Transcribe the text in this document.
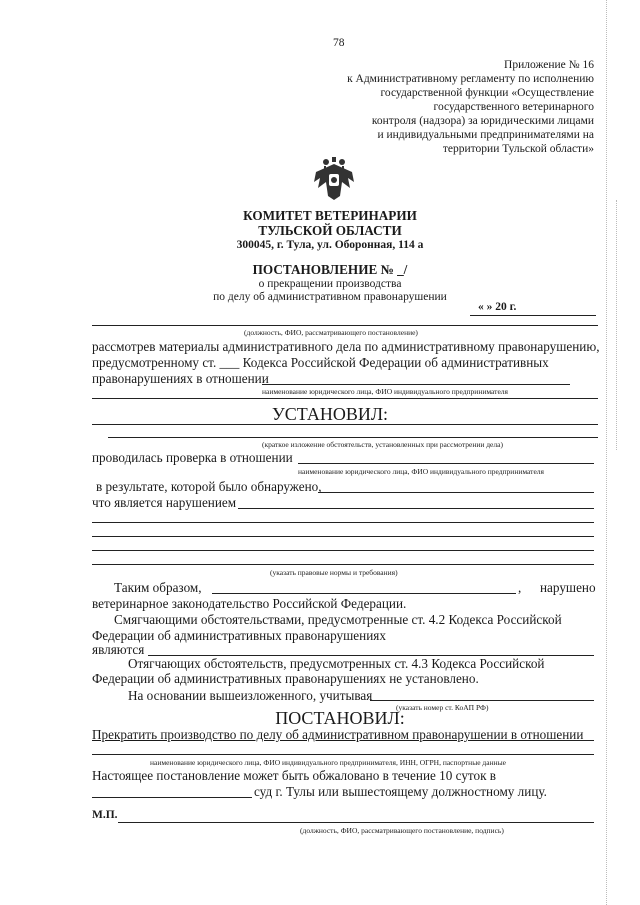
78
Приложение № 16
к Административному регламенту по исполнению
государственной функции «Осуществление
государственного ветеринарного
контроля (надзора) за юридическими лицами
и индивидуальными предпринимателями на
территории Тульской области»
КОМИТЕТ ВЕТЕРИНАРИИ
ТУЛЬСКОЙ ОБЛАСТИ
300045, г. Тула, ул. Оборонная, 114 а
ПОСТАНОВЛЕНИЕ № _/
о прекращении производства
по делу об административном правонарушении
« » 20 г.
(должность, ФИО, рассматривающего постановление)
рассмотрев материалы административного дела по административному правонарушению,
предусмотренному ст. ___ Кодекса Российской Федерации об административных
правонарушениях в отношении
наименование юридического лица, ФИО индивидуального предпринимателя
УСТАНОВИЛ:
(краткое изложение обстоятельств, установленных при рассмотрении дела)
проводилась проверка в отношении
наименование юридического лица, ФИО индивидуального предпринимателя
в результате, которой было обнаружено,
что является нарушением
(указать правовые нормы и требования)
Таким образом,	, нарушено
ветеринарное законодательство Российской Федерации.
Смягчающими обстоятельствами, предусмотренные ст. 4.2 Кодекса Российской
Федерации об административных правонарушениях
являются
Отягчающих обстоятельств, предусмотренных ст. 4.3 Кодекса Российской
Федерации об административных правонарушениях не установлено.
На основании вышеизложенного, учитывая
(указать номер ст. КоАП РФ)
ПОСТАНОВИЛ:
Прекратить производство по делу об административном правонарушении в отношении
наименование юридического лица, ФИО индивидуального предпринимателя, ИНН, ОГРН, паспортные данные
Настоящее постановление может быть обжаловано в течение 10 суток в
суд г. Тулы или вышестоящему должностному лицу.
М.П.
(должность, ФИО, рассматривающего постановление, подпись)
